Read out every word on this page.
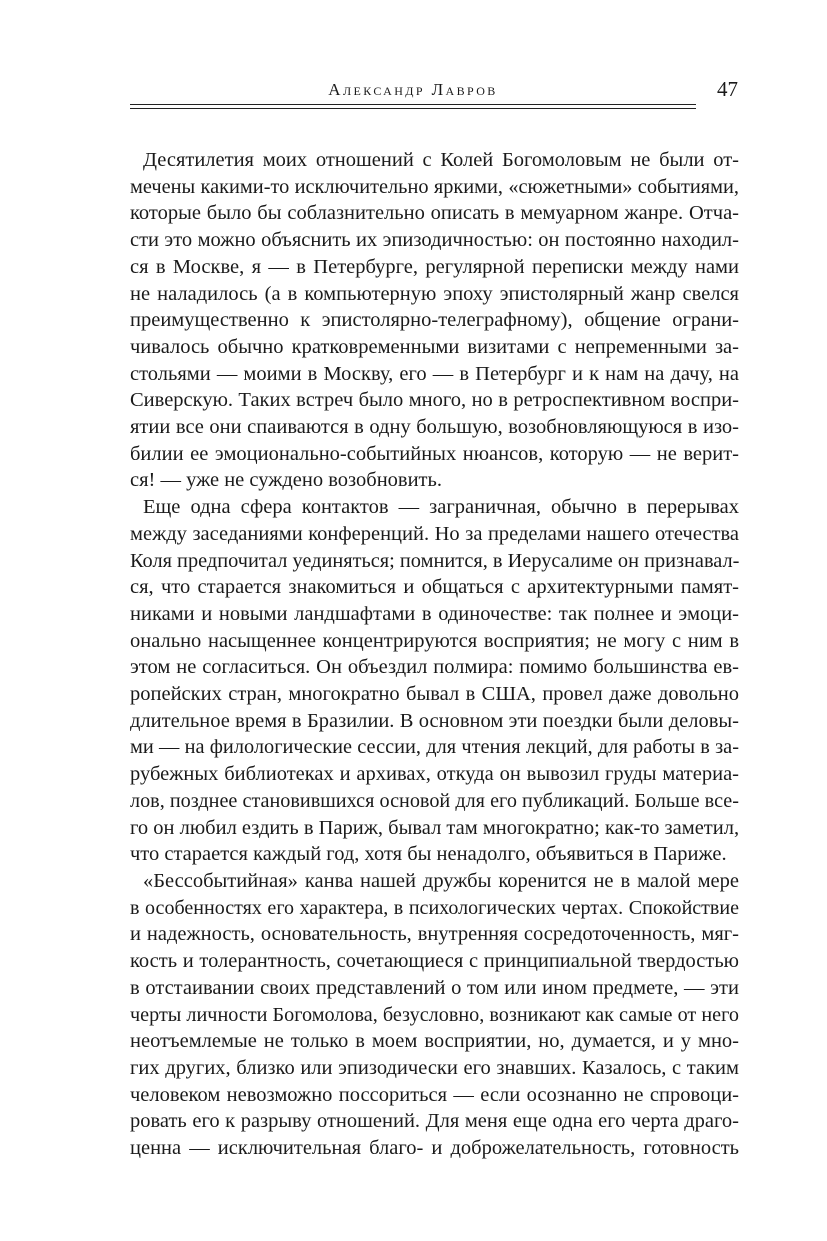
Александр Лавров	47

Десятилетия моих отношений с Колей Богомоловым не были от-
мечены какими-то исключительно яркими, «сюжетными» событиями,
которые было бы соблазнительно описать в мемуарном жанре. Отча-
сти это можно объяснить их эпизодичностью: он постоянно находил-
ся в Москве, я — в Петербурге, регулярной переписки между нами
не наладилось (а в компьютерную эпоху эпистолярный жанр свелся
преимущественно к эпистолярно-телеграфному), общение ограни-
чивалось обычно кратковременными визитами с непременными за-
стольями — моими в Москву, его — в Петербург и к нам на дачу, на
Сиверскую. Таких встреч было много, но в ретроспективном воспри-
ятии все они спаиваются в одну большую, возобновляющуюся в изо-
билии ее эмоционально-событийных нюансов, которую — не верит-
ся! — уже не суждено возобновить.

Еще одна сфера контактов — заграничная, обычно в перерывах
между заседаниями конференций. Но за пределами нашего отечества
Коля предпочитал уединяться; помнится, в Иерусалиме он признавал-
ся, что старается знакомиться и общаться с архитектурными памят-
никами и новыми ландшафтами в одиночестве: так полнее и эмоци-
онально насыщеннее концентрируются восприятия; не могу с ним в
этом не согласиться. Он объездил полмира: помимо большинства ев-
ропейских стран, многократно бывал в США, провел даже довольно
длительное время в Бразилии. В основном эти поездки были деловы-
ми — на филологические сессии, для чтения лекций, для работы в за-
рубежных библиотеках и архивах, откуда он вывозил груды материа-
лов, позднее становившихся основой для его публикаций. Больше все-
го он любил ездить в Париж, бывал там многократно; как-то заметил,
что старается каждый год, хотя бы ненадолго, объявиться в Париже.

«Бессобытийная» канва нашей дружбы коренится не в малой мере
в особенностях его характера, в психологических чертах. Спокойствие
и надежность, основательность, внутренняя сосредоточенность, мяг-
кость и толерантность, сочетающиеся с принципиальной твердостью
в отстаивании своих представлений о том или ином предмете, — эти
черты личности Богомолова, безусловно, возникают как самые от него
неотъемлемые не только в моем восприятии, но, думается, и у мно-
гих других, близко или эпизодически его знавших. Казалось, с таким
человеком невозможно поссориться — если осознанно не спровоци-
ровать его к разрыву отношений. Для меня еще одна его черта драго-
ценна — исключительная благо- и доброжелательность, готовность
